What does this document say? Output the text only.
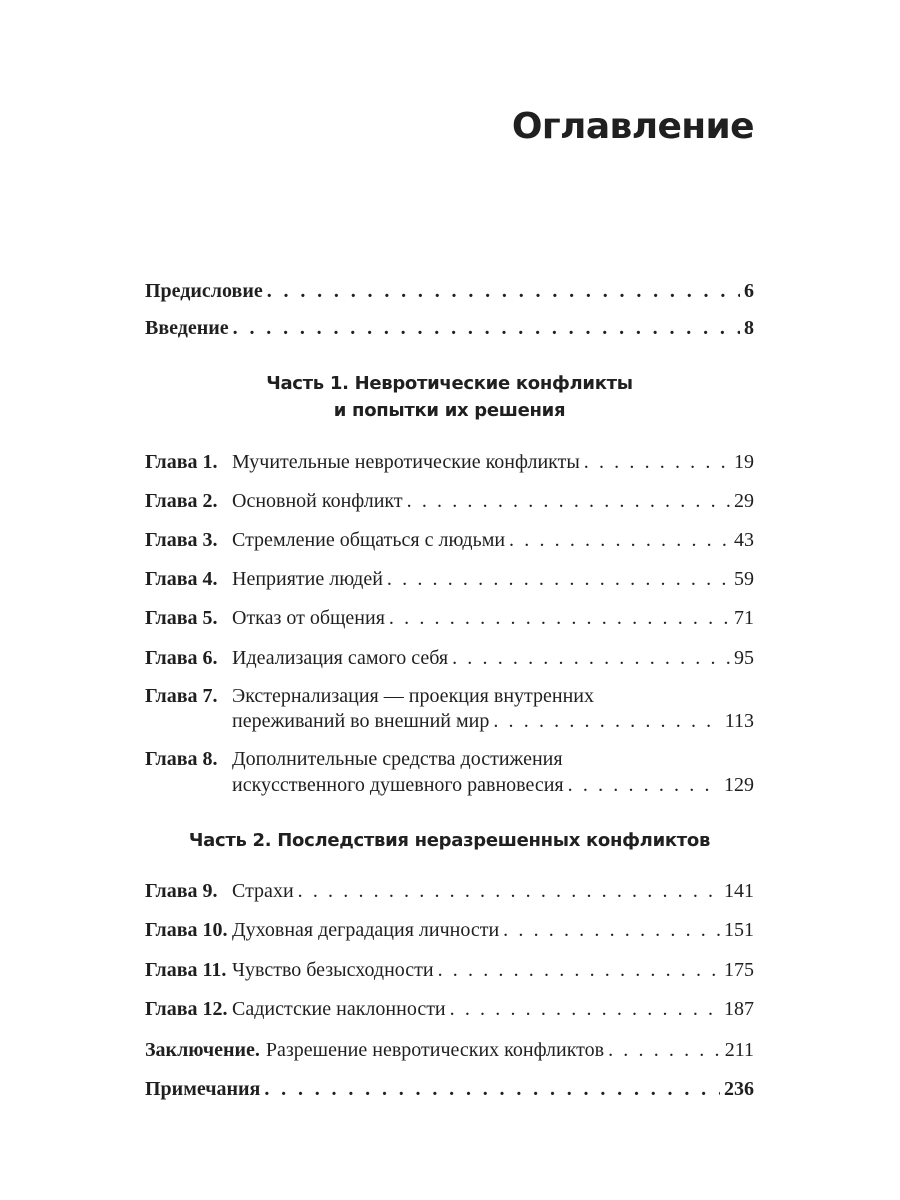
Оглавление
Предисловие . . .	6
Введение . . .	8
Часть 1. Невротические конфликты
и попытки их решения
Глава 1. Мучительные невротические конфликты . . .	19
Глава 2. Основной конфликт . . .	29
Глава 3. Стремление общаться с людьми . . .	43
Глава 4. Неприятие людей . . .	59
Глава 5. Отказ от общения . . .	71
Глава 6. Идеализация самого себя . . .	95
Глава 7. Экстернализация — проекция внутренних
переживаний во внешний мир . . .	113
Глава 8. Дополнительные средства достижения
искусственного душевного равновесия . . .	129
Часть 2. Последствия неразрешенных конфликтов
Глава 9. Страхи . . .	141
Глава 10. Духовная деградация личности . . .	151
Глава 11. Чувство безысходности . . .	175
Глава 12. Садистские наклонности . . .	187
Заключение. Разрешение невротических конфликтов . . .	211
Примечания . . .	236
